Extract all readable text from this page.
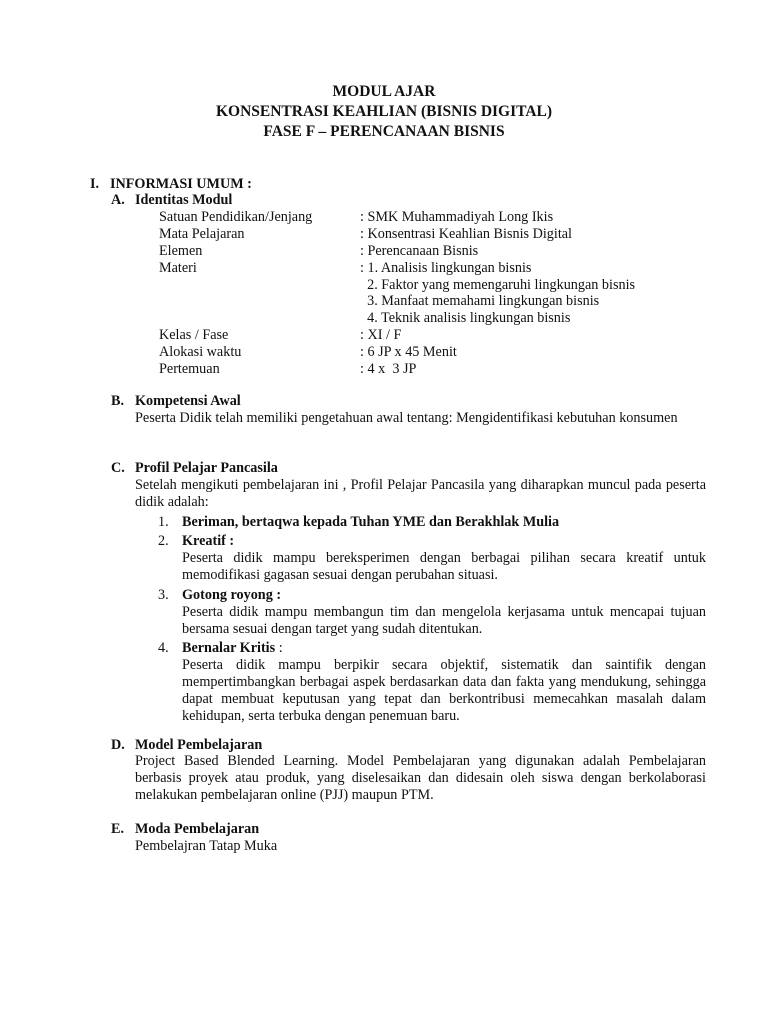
MODUL AJAR
KONSENTRASI KEAHLIAN (BISNIS DIGITAL)
FASE F – PERENCANAAN BISNIS
I. INFORMASI UMUM :
A. Identitas Modul
Satuan Pendidikan/Jenjang	: SMK Muhammadiyah Long Ikis
Mata Pelajaran	: Konsentrasi Keahlian Bisnis Digital
Elemen	: Perencanaan Bisnis
Materi	: 1. Analisis lingkungan bisnis
2. Faktor yang memengaruhi lingkungan bisnis
3. Manfaat memahami lingkungan bisnis
4. Teknik analisis lingkungan bisnis
Kelas / Fase	: XI / F
Alokasi waktu	: 6 JP x 45 Menit
Pertemuan	: 4 x  3 JP
B. Kompetensi Awal
Peserta Didik telah memiliki pengetahuan awal tentang: Mengidentifikasi kebutuhan konsumen
C. Profil Pelajar Pancasila
Setelah mengikuti pembelajaran ini , Profil Pelajar Pancasila yang diharapkan muncul pada peserta didik adalah:
1. Beriman, bertaqwa kepada Tuhan YME dan Berakhlak Mulia
2. Kreatif :
Peserta didik mampu bereksperimen dengan berbagai pilihan secara kreatif untuk memodifikasi gagasan sesuai dengan perubahan situasi.
3. Gotong royong :
Peserta didik mampu membangun tim dan mengelola kerjasama untuk mencapai tujuan bersama sesuai dengan target yang sudah ditentukan.
4. Bernalar Kritis :
Peserta didik mampu berpikir secara objektif, sistematik dan saintifik dengan mempertimbangkan berbagai aspek berdasarkan data dan fakta yang mendukung, sehingga dapat membuat keputusan yang tepat dan berkontribusi memecahkan masalah dalam kehidupan, serta terbuka dengan penemuan baru.
D. Model Pembelajaran
Project Based Blended Learning. Model Pembelajaran yang digunakan adalah Pembelajaran berbasis proyek atau produk, yang diselesaikan dan didesain oleh siswa dengan berkolaborasi melakukan pembelajaran online (PJJ) maupun PTM.
E. Moda Pembelajaran
Pembelajran Tatap Muka
